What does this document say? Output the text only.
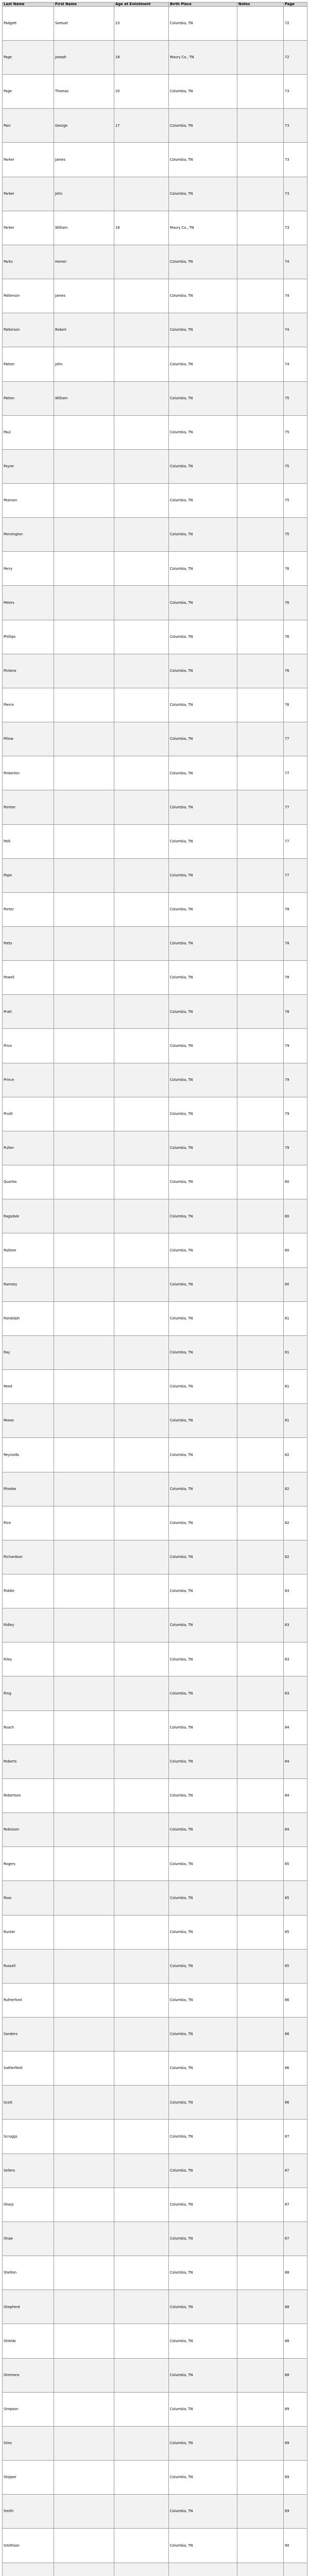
Last Name	First Name	Age at Enlistment	Birth Place	Notes	Page
Padgett	Samuel	23	Columbia, TN		72
Page	Joseph	18	Maury Co., TN		72
Page	Thomas	20	Columbia, TN		73
Pain	George	17	Columbia, TN		73
Parker	James		Columbia, TN		73
Parker	John		Columbia, TN		73
Parker	William	18	Maury Co., TN		73
Parks	Homer		Columbia, TN		74
Patterson	James		Columbia, TN		74
Patterson	Robert		Columbia, TN		74
Patton	John		Columbia, TN		74
Patton	William		Columbia, TN		75
Paul			Columbia, TN		75
Payne			Columbia, TN		75
Pearson			Columbia, TN		75
Pennington			Columbia, TN		75
Perry			Columbia, TN		76
Peters			Columbia, TN		76
Phillips			Columbia, TN		76
Pickens			Columbia, TN		76
Pierce			Columbia, TN		76
Pillow			Columbia, TN		77
Pinkerton			Columbia, TN		77
Pointer			Columbia, TN		77
Polk			Columbia, TN		77
Pope			Columbia, TN		77
Porter			Columbia, TN		78
Potts			Columbia, TN		78
Powell			Columbia, TN		78
Pratt			Columbia, TN		78
Price			Columbia, TN		79
Prince			Columbia, TN		79
Pruitt			Columbia, TN		79
Pullen			Columbia, TN		79
Quarles			Columbia, TN		80
Ragsdale			Columbia, TN		80
Ralston			Columbia, TN		80
Ramsey			Columbia, TN		80
Randolph			Columbia, TN		81
Ray			Columbia, TN		81
Reed			Columbia, TN		81
Reese			Columbia, TN		81
Reynolds			Columbia, TN		82
Rhodes			Columbia, TN		82
Rice			Columbia, TN		82
Richardson			Columbia, TN		82
Riddle			Columbia, TN		83
Ridley			Columbia, TN		83
Riley			Columbia, TN		83
Ring			Columbia, TN		83
Roach			Columbia, TN		84
Roberts			Columbia, TN		84
Robertson			Columbia, TN		84
Robinson			Columbia, TN		84
Rogers			Columbia, TN		85
Ross			Columbia, TN		85
Rucker			Columbia, TN		85
Russell			Columbia, TN		85
Rutherford			Columbia, TN		86
Sanders			Columbia, TN		86
Sattlerfield			Columbia, TN		86
Scott			Columbia, TN		86
Scruggs			Columbia, TN		87
Sellers			Columbia, TN		87
Sharp			Columbia, TN		87
Shaw			Columbia, TN		87
Shelton			Columbia, TN		88
Shepherd			Columbia, TN		88
Shields			Columbia, TN		88
Simmons			Columbia, TN		88
Simpson			Columbia, TN		89
Sims			Columbia, TN		89
Skipper			Columbia, TN		89
Smith			Columbia, TN		89
Smithson			Columbia, TN		90
